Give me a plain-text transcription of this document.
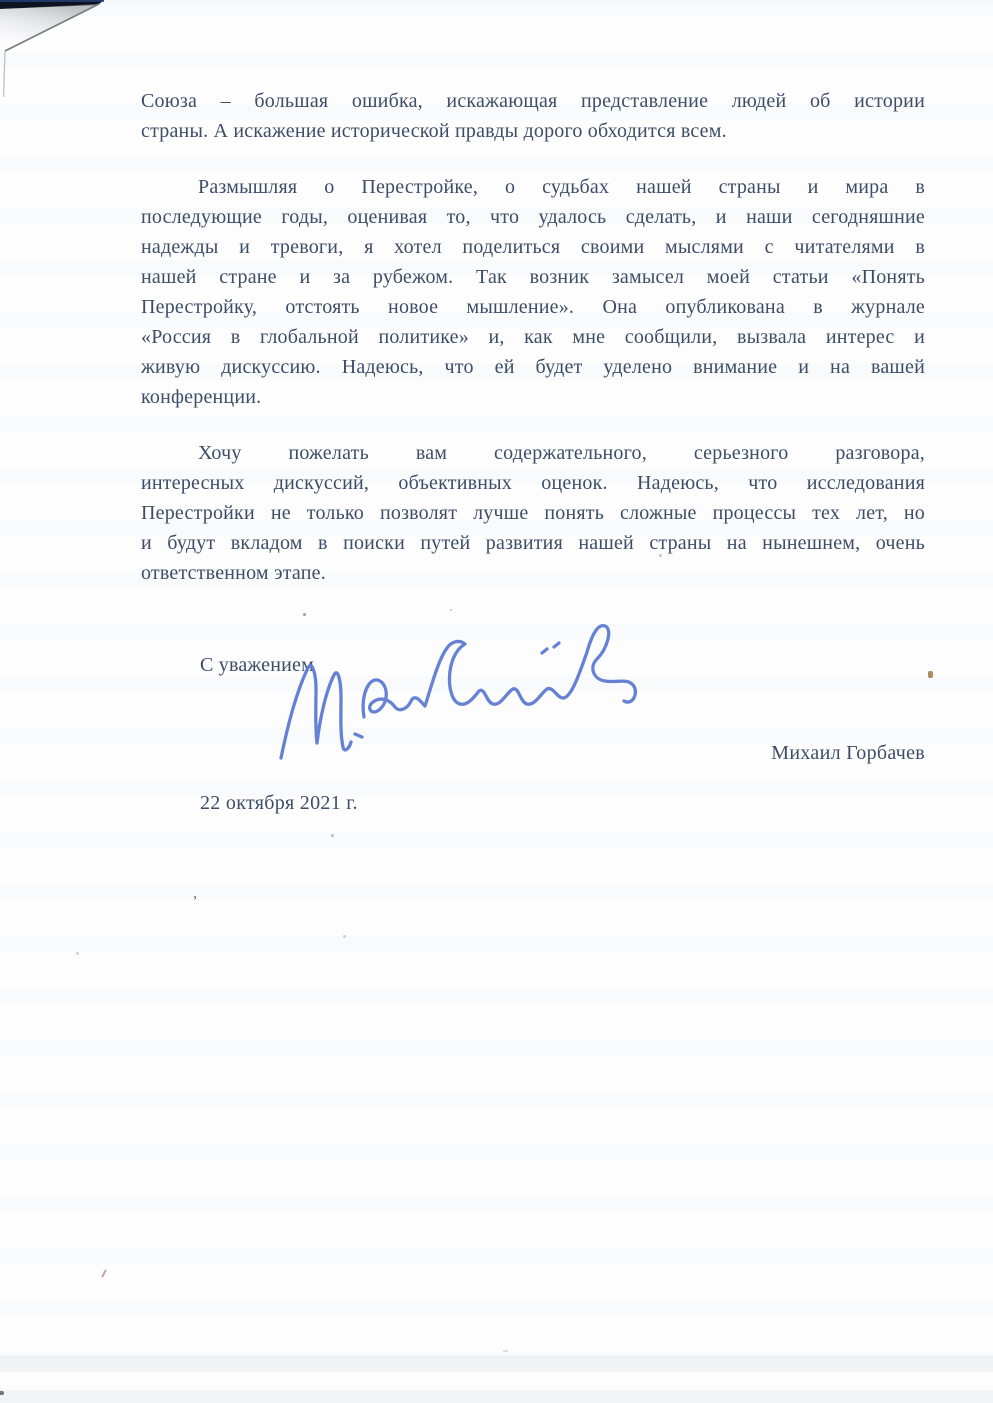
Союза – большая ошибка, искажающая представление людей об истории
страны. А искажение исторической правды дорого обходится всем.
Размышляя о Перестройке, о судьбах нашей страны и мира в
последующие годы, оценивая то, что удалось сделать, и наши сегодняшние
надежды и тревоги, я хотел поделиться своими мыслями с читателями в
нашей стране и за рубежом. Так возник замысел моей статьи «Понять
Перестройку, отстоять новое мышление». Она опубликована в журнале
«Россия в глобальной политике» и, как мне сообщили, вызвала интерес и
живую дискуссию. Надеюсь, что ей будет уделено внимание и на вашей
конференции.
Хочу пожелать вам содержательного, серьезного разговора,
интересных дискуссий, объективных оценок. Надеюсь, что исследования
Перестройки не только позволят лучше понять сложные процессы тех лет, но
и будут вкладом в поиски путей развития нашей страны на нынешнем, очень
ответственном этапе.
С уважением
Михаил Горбачев
22 октября 2021 г.
,
